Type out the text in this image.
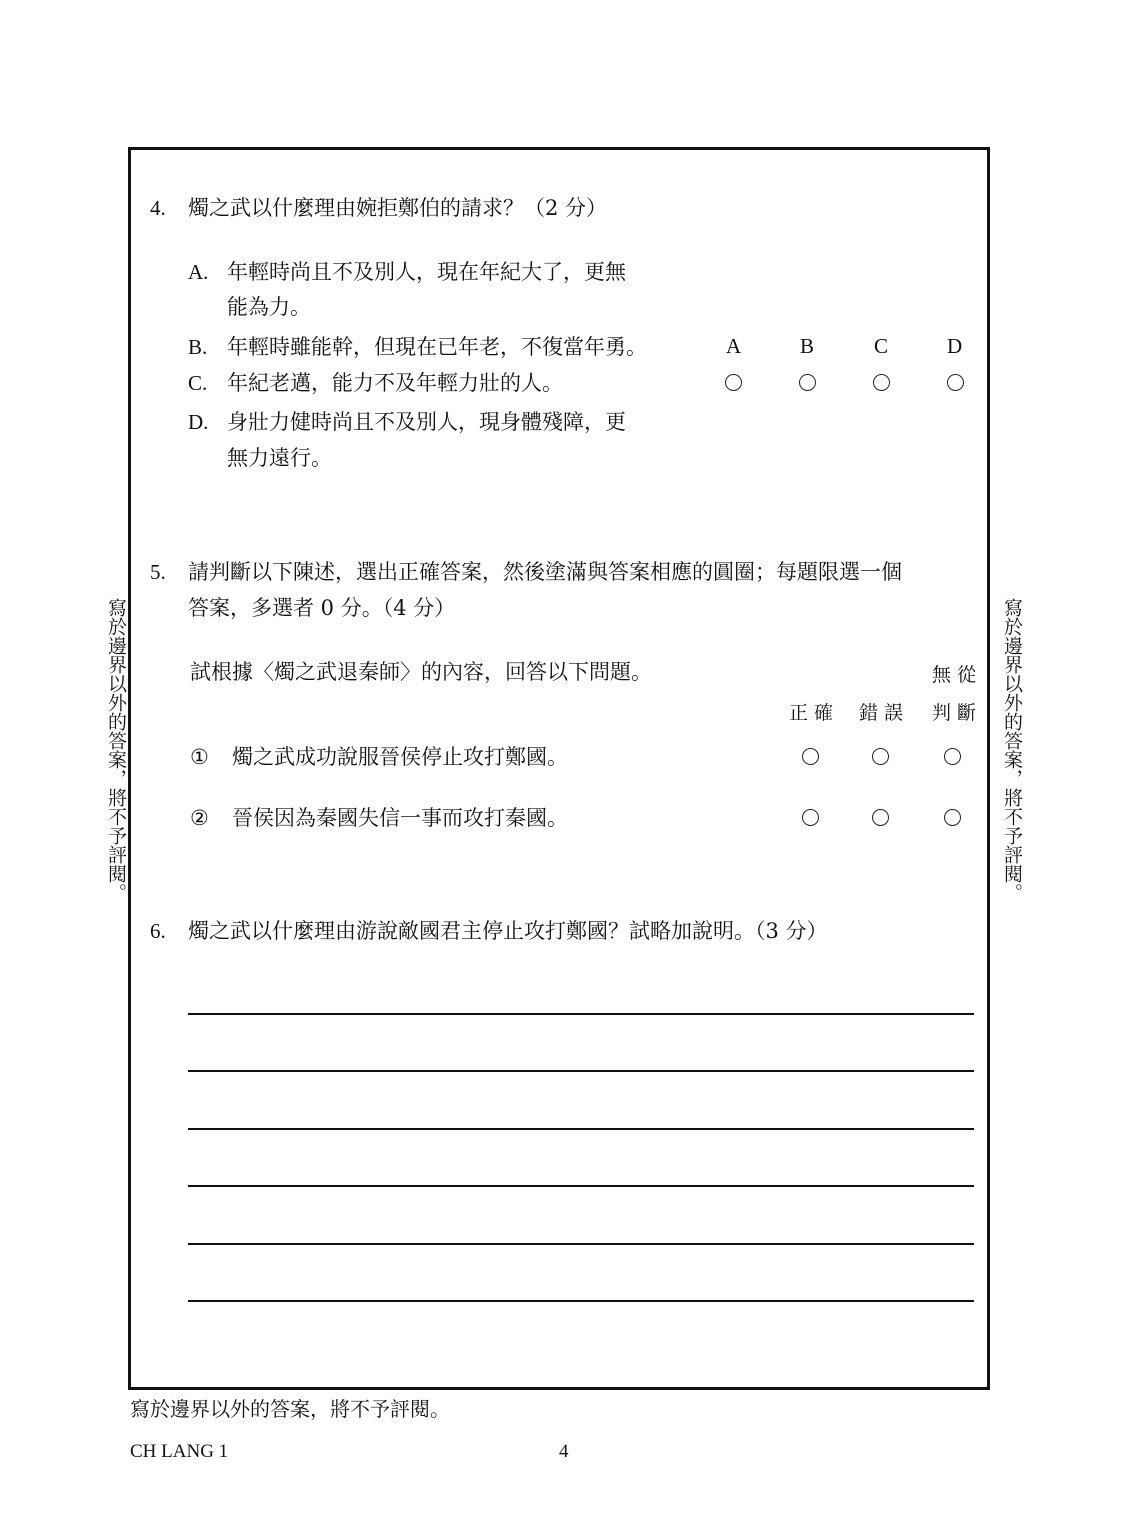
寫於邊界以外的答案，將不予評閱。	寫於邊界以外的答案，將不予評閱。
4. 燭之武以什麼理由婉拒鄭伯的請求？（2 分）
A. 年輕時尚且不及別人，現在年紀大了，更無
能為力。
B. 年輕時雖能幹，但現在已年老，不復當年勇。
C. 年紀老邁，能力不及年輕力壯的人。
D. 身壯力健時尚且不及別人，現身體殘障，更
無力遠行。
A	B	C	D
5. 請判斷以下陳述，選出正確答案，然後塗滿與答案相應的圓圈；每題限選一個
答案，多選者 0 分。（4 分）
試根據〈燭之武退秦師〉的內容，回答以下問題。	無從
正確 錯誤 判斷
① 燭之武成功說服晉侯停止攻打鄭國。
② 晉侯因為秦國失信一事而攻打秦國。
6. 燭之武以什麼理由游說敵國君主停止攻打鄭國？試略加說明。（3 分）
寫於邊界以外的答案，將不予評閱。
CH LANG 1	4
